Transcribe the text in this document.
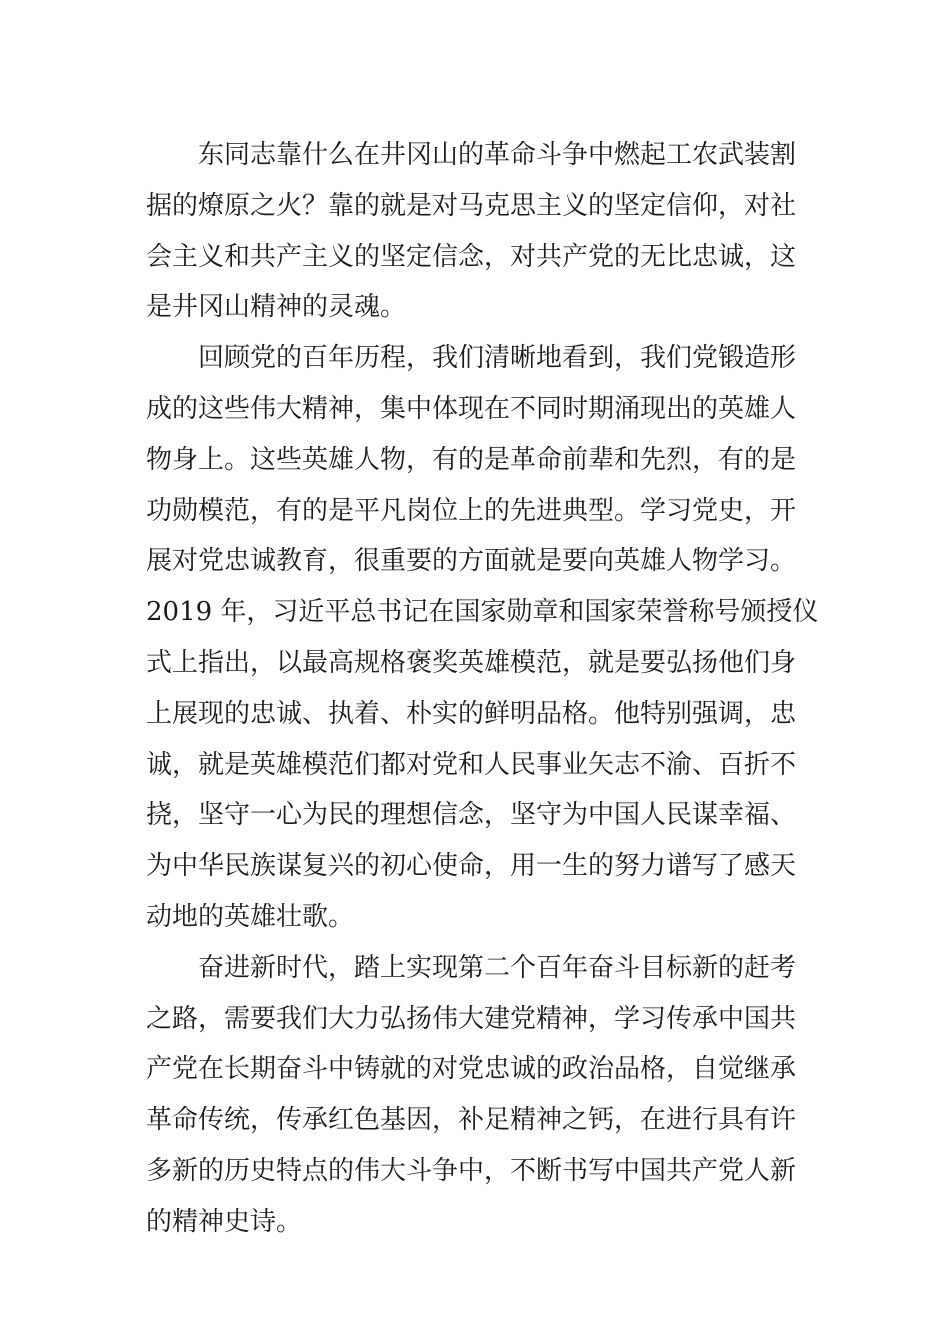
东同志靠什么在井冈山的革命斗争中燃起工农武装割
据的燎原之火？靠的就是对马克思主义的坚定信仰，对社
会主义和共产主义的坚定信念，对共产党的无比忠诚，这
是井冈山精神的灵魂。
回顾党的百年历程，我们清晰地看到，我们党锻造形
成的这些伟大精神，集中体现在不同时期涌现出的英雄人
物身上。这些英雄人物，有的是革命前辈和先烈，有的是
功勋模范，有的是平凡岗位上的先进典型。学习党史，开
展对党忠诚教育，很重要的方面就是要向英雄人物学习。
2019 年，习近平总书记在国家勋章和国家荣誉称号颁授仪
式上指出，以最高规格褒奖英雄模范，就是要弘扬他们身
上展现的忠诚、执着、朴实的鲜明品格。他特别强调，忠
诚，就是英雄模范们都对党和人民事业矢志不渝、百折不
挠，坚守一心为民的理想信念，坚守为中国人民谋幸福、
为中华民族谋复兴的初心使命，用一生的努力谱写了感天
动地的英雄壮歌。
奋进新时代，踏上实现第二个百年奋斗目标新的赶考
之路，需要我们大力弘扬伟大建党精神，学习传承中国共
产党在长期奋斗中铸就的对党忠诚的政治品格，自觉继承
革命传统，传承红色基因，补足精神之钙，在进行具有许
多新的历史特点的伟大斗争中，不断书写中国共产党人新
的精神史诗。
